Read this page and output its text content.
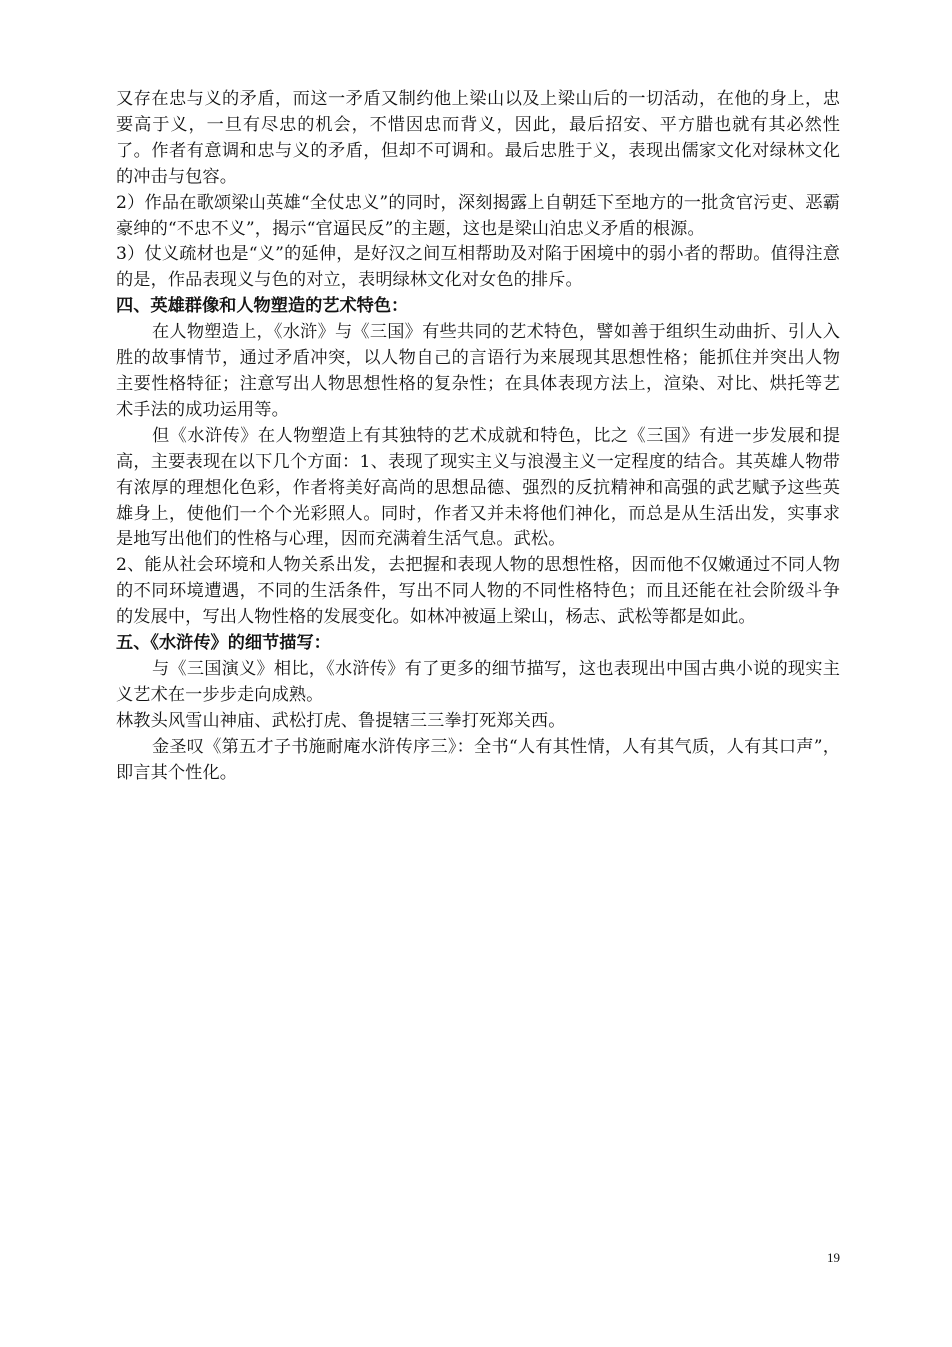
又存在忠与义的矛盾，而这一矛盾又制约他上梁山以及上梁山后的一切活动，在他的身上，忠要高于义，一旦有尽忠的机会，不惜因忠而背义，因此，最后招安、平方腊也就有其必然性了。作者有意调和忠与义的矛盾，但却不可调和。最后忠胜于义，表现出儒家文化对绿林文化的冲击与包容。

2）作品在歌颂梁山英雄“全仗忠义”的同时，深刻揭露上自朝廷下至地方的一批贪官污吏、恶霸豪绅的“不忠不义”，揭示“官逼民反”的主题，这也是梁山泊忠义矛盾的根源。

3）仗义疏材也是“义”的延伸，是好汉之间互相帮助及对陷于困境中的弱小者的帮助。值得注意的是，作品表现义与色的对立，表明绿林文化对女色的排斥。

四、英雄群像和人物塑造的艺术特色：

在人物塑造上，《水浒》与《三国》有些共同的艺术特色，譬如善于组织生动曲折、引人入胜的故事情节，通过矛盾冲突，以人物自己的言语行为来展现其思想性格；能抓住并突出人物主要性格特征；注意写出人物思想性格的复杂性；在具体表现方法上，渲染、对比、烘托等艺术手法的成功运用等。

但《水浒传》在人物塑造上有其独特的艺术成就和特色，比之《三国》有进一步发展和提高，主要表现在以下几个方面：1、表现了现实主义与浪漫主义一定程度的结合。其英雄人物带有浓厚的理想化色彩，作者将美好高尚的思想品德、强烈的反抗精神和高强的武艺赋予这些英雄身上，使他们一个个光彩照人。同时，作者又并未将他们神化，而总是从生活出发，实事求是地写出他们的性格与心理，因而充满着生活气息。武松。

2、能从社会环境和人物关系出发，去把握和表现人物的思想性格，因而他不仅嫩通过不同人物的不同环境遭遇，不同的生活条件，写出不同人物的不同性格特色；而且还能在社会阶级斗争的发展中，写出人物性格的发展变化。如林冲被逼上梁山，杨志、武松等都是如此。

五、《水浒传》的细节描写：

与《三国演义》相比，《水浒传》有了更多的细节描写，这也表现出中国古典小说的现实主义艺术在一步步走向成熟。

林教头风雪山神庙、武松打虎、鲁提辖三三拳打死郑关西。

金圣叹《第五才子书施耐庵水浒传序三》：全书“人有其性情，人有其气质，人有其口声”，即言其个性化。

19
